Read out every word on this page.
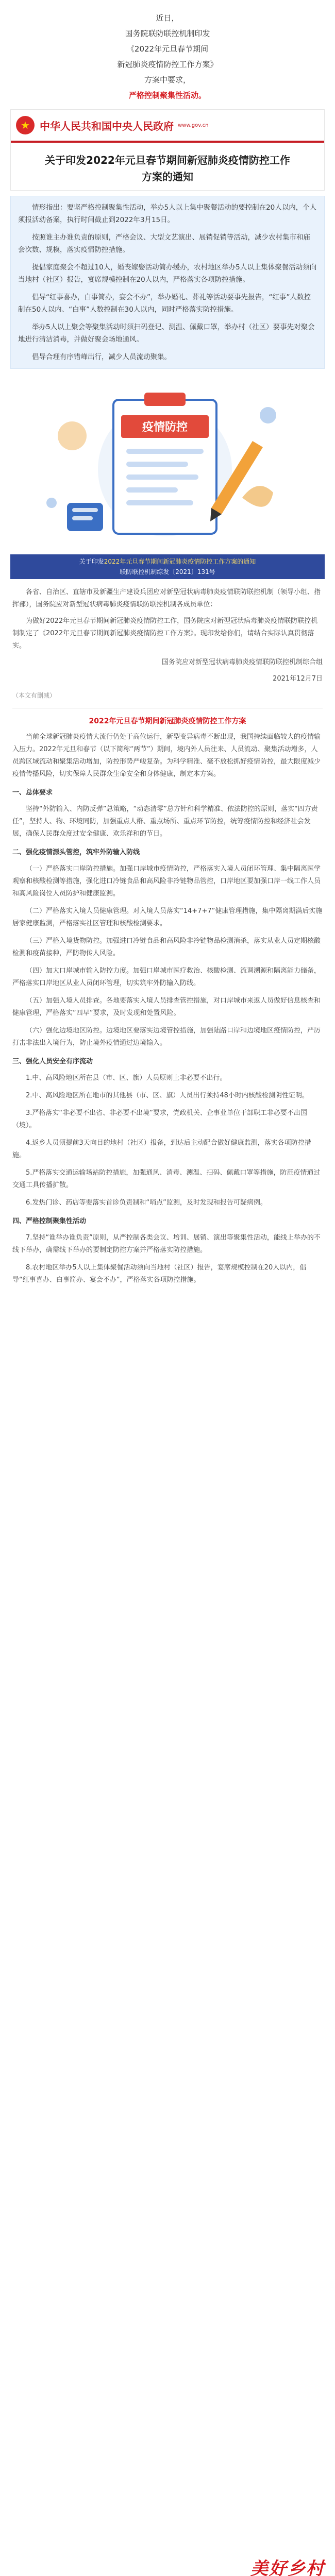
近日，

国务院联防联控机制印发

《2022年元旦春节期间

新冠肺炎疫情防控工作方案》

方案中要求，

严格控制聚集性活动。

★ 中华人民共和国中央人民政府 www.gov.cn
关于印发2022年元旦春节期间新冠肺炎疫情防控工作
方案的通知

情形指出：要坚严格控制聚集性活动，举办5人以上集中聚餐活动的要控制在20人以内，个人须报活动备案，执行时间截止到2022年3月15日。

按照谁主办谁负责的原则，严格会议、大型文艺演出、展销促销等活动，减少农村集市和庙会次数、规模，落实疫情防控措施。

提倡家庭聚会不超过10人，婚丧嫁娶活动简办缓办，农村地区举办5人以上集体聚餐活动须向当地村（社区）报告，宴席规模控制在20人以内，严格落实各项防控措施。

倡导“红事喜办，白事简办，宴会不办”，举办婚礼、葬礼等活动要事先报告，“红事”人数控制在50人以内、“白事”人数控制在30人以内，同时严格落实防控措施。

举办5人以上聚会等聚集活动时须扫码登记、测温、佩戴口罩，举办村（社区）要事先对聚会地进行清洁消毒，并做好聚会场地通风。

倡导合理有序错峰出行，减少人员流动聚集。

疫情防控
关于印发2022年元旦春节期间新冠肺炎疫情防控工作方案的通知
联防联控机制综发〔2021〕131号

各省、自治区、直辖市及新疆生产建设兵团应对新型冠状病毒肺炎疫情联防联控机制（领导小组、指挥部），国务院应对新型冠状病毒肺炎疫情联防联控机制各成员单位：

为做好2022年元旦春节期间新冠肺炎疫情防控工作，国务院应对新型冠状病毒肺炎疫情联防联控机制制定了《2022年元旦春节期间新冠肺炎疫情防控工作方案》。现印发给你们，请结合实际认真贯彻落实。

国务院应对新型冠状病毒肺炎疫情联防联控机制综合组

2021年12月7日

（本文有删减）

2022年元旦春节期间新冠肺炎疫情防控工作方案

当前全球新冠肺炎疫情大流行仍处于高位运行，新型变异病毒不断出现，我国持续面临较大的疫情输入压力。2022年元旦和春节（以下简称“两节”）期间，境内外人员往来、人员流动、聚集活动增多，人员跨区域流动和聚集活动增加，防控形势严峻复杂。为科学精准、毫不放松抓好疫情防控，最大限度减少疫情传播风险，切实保障人民群众生命安全和身体健康，制定本方案。

一、总体要求

坚持“外防输入、内防反弹”总策略，“动态清零”总方针和科学精准、依法防控的原则，落实“四方责任”，坚持人、物、环境同防，加强重点人群、重点场所、重点环节防控，统筹疫情防控和经济社会发展，确保人民群众度过安全健康、欢乐祥和的节日。

二、强化疫情源头管控，筑牢外防输入防线

（一）严格落实口岸防控措施。加强口岸城市疫情防控，严格落实入境人员闭环管理、集中隔离医学观察和核酸检测等措施，强化进口冷链食品和高风险非冷链物品管控，口岸地区要加强口岸一线工作人员和高风险岗位人员防护和健康监测。

（二）严格落实入境人员健康管理。对入境人员落实“14+7+7”健康管理措施，集中隔离期满后实施居家健康监测，严格落实社区管理和核酸检测要求。

（三）严格入境货物防控。加强进口冷链食品和高风险非冷链物品检测消杀，落实从业人员定期核酸检测和疫苗接种，严防物传人风险。

（四）加大口岸城市输入防控力度。加强口岸城市医疗救治、核酸检测、流调溯源和隔离能力储备，严格落实口岸地区从业人员闭环管理，切实筑牢外防输入防线。

（五）加强入境人员排查。各地要落实入境人员排查管控措施，对口岸城市来返人员做好信息核查和健康管理，严格落实“四早”要求，及时发现和处置风险。

（六）强化边境地区防控。边境地区要落实边境管控措施，加强陆路口岸和边境地区疫情防控，严厉打击非法出入境行为，防止境外疫情通过边境输入。

三、强化人员安全有序流动

1.中、高风险地区所在县（市、区、旗）人员原则上非必要不出行。

2.中、高风险地区所在地市的其他县（市、区、旗）人员出行须持48小时内核酸检测阴性证明。

3.严格落实“非必要不出省、非必要不出境”要求，党政机关、企事业单位干部职工非必要不出国（境）。

4.返乡人员须提前3天向目的地村（社区）报备，到达后主动配合做好健康监测，落实各项防控措施。

5.严格落实交通运输场站防控措施，加强通风、消毒、测温、扫码、佩戴口罩等措施，防范疫情通过交通工具传播扩散。

6.发热门诊、药店等要落实首诊负责制和“哨点”监测，及时发现和报告可疑病例。

四、严格控制聚集性活动

7.坚持“谁举办谁负责”原则，从严控制各类会议、培训、展销、演出等聚集性活动，能线上举办的不线下举办，确需线下举办的要制定防控方案并严格落实防控措施。

8.农村地区举办5人以上集体聚餐活动须向当地村（社区）报告，宴席规模控制在20人以内，倡导“红事喜办、白事简办、宴会不办”，严格落实各项防控措施。

美好乡村
